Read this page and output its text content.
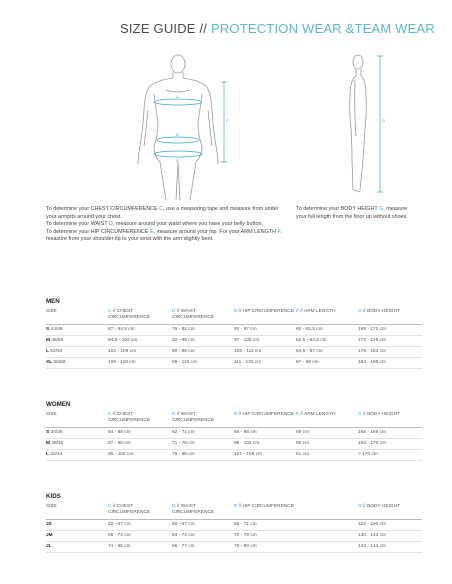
SIZE GUIDE // PROTECTION WEAR &TEAM WEAR
C
D
E
F	G
To determine your CHEST CIRCUMFERENCE C, use a measuring tape and measure from under your armpits around your chest.
To determine your WAIST D, measure around your waist where you have your belly button.
To determine your HIP CIRCUMFERENCE E, measure around your hip. For your ARM LENGTH F, measure from your shoulder tip to your wrist with the arm slightly bent.
To determine your BODY HEIGHT G, measure your full length from the floor up without shoes.
MEN
SIZE	C // CHEST CIRCUMFERENCE	D // WAIST CIRCUMFERENCE	E // HIP CIRCUMFERENCE	F // ARM LENGTH	G // BODY HEIGHT
S 44/46	87 - 94,5 cm	76 - 82 cm	92 - 97 cm	60 - 62,5 cm	168 - 172 cm
M 48/50	94,5 - 102 cm	82 - 88 cm	97 - 105 cm	62,5 - 64,5 cm	172 - 178 cm
L 52/54	102 - 109 cm	90 - 98 cm	105 - 111 cm	64,5 - 67 cm	178 - 183 cm
XL 56/58	109 - 118 cm	99 - 110 cm	111 - 120 cm	67 - 69 cm	183 - 198 cm
WOMEN
SIZE	C // CHEST CIRCUMFERENCE	D // WAIST CIRCUMFERENCE	E // HIP CIRCUMFERENCE	F // ARM LENGTH	G // BODY HEIGHT
S 34/36	84 - 88 cm	62 - 71 cm	85 - 96 cm	59 cm	165 - 168 cm
M 38/40	87 - 95 cm	71 - 78 cm	96 - 102 cm	60 cm	168 - 170 cm
L 42/44	95 - 102 cm	79 - 86 cm	102 - 109 cm	61 cm	> 170 cm
KIDS
SIZE	C // CHEST CIRCUMFERENCE	D // WAIST CIRCUMFERENCE	E // HIP CIRCUMFERENCE		G // BODY HEIGHT
JS	62 - 67 cm	60 - 67 cm	65 - 71 cm		122 - 130 cm
JM	66 - 74 cm	64 - 74 cm	70 - 79 cm		130 - 143 cm
JL	74 - 85 cm	66 - 77 cm	79 - 90 cm		143 - 144 cm
